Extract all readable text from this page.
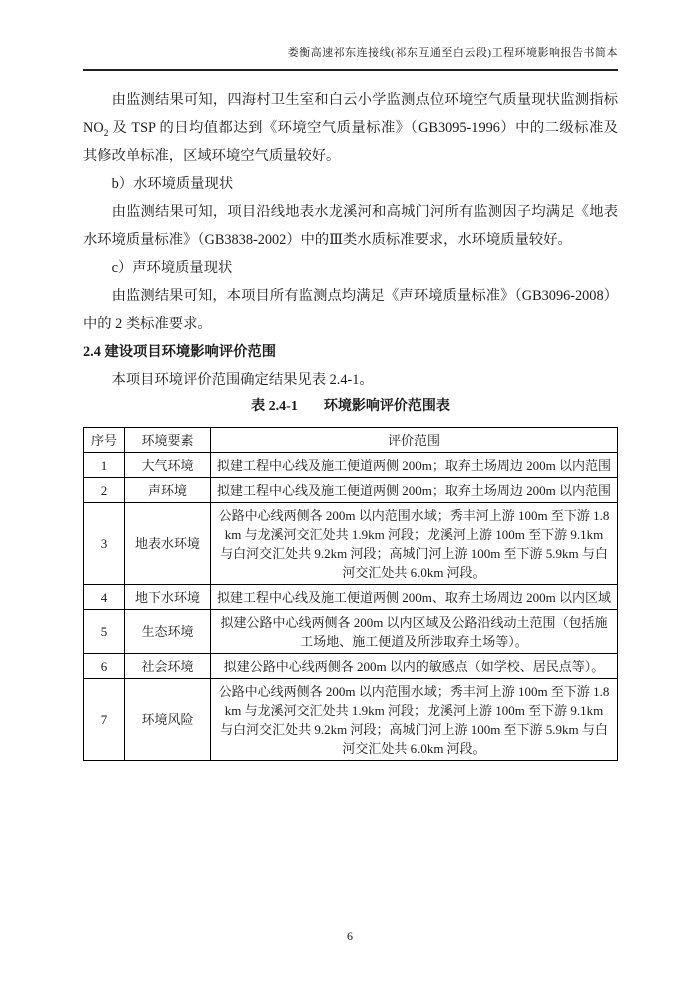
娄衡高速祁东连接线(祁东互通至白云段)工程环境影响报告书简本

由监测结果可知，四海村卫生室和白云小学监测点位环境空气质量现状监测指标$NO_2$ 及 TSP 的日均值都达到《环境空气质量标准》（GB3095-1996）中的二级标准及其修改单标准，区域环境空气质量较好。

b）水环境质量现状

由监测结果可知，项目沿线地表水龙溪河和高城门河所有监测因子均满足《地表水环境质量标准》（GB3838-2002）中的Ⅲ类水质标准要求，水环境质量较好。

c）声环境质量现状

由监测结果可知，本项目所有监测点均满足《声环境质量标准》（GB3096-2008）中的 2 类标准要求。

2.4 建设项目环境影响评价范围

本项目环境评价范围确定结果见表 2.4-1。

表 2.4-1 环境影响评价范围表

序号	环境要素	评价范围
1	大气环境	拟建工程中心线及施工便道两侧 200m；取弃土场周边 200m 以内范围
2	声环境	拟建工程中心线及施工便道两侧 200m；取弃土场周边 200m 以内范围
3	地表水环境	公路中心线两侧各 200m 以内范围水域；秀丰河上游 100m 至下游 1.8km 与龙溪河交汇处共 1.9km 河段；龙溪河上游 100m 至下游 9.1km 与白河交汇处共 9.2km 河段；高城门河上游 100m 至下游 5.9km 与白河交汇处共 6.0km 河段。
4	地下水环境	拟建工程中心线及施工便道两侧 200m、取弃土场周边 200m 以内区域
5	生态环境	拟建公路中心线两侧各 200m 以内区域及公路沿线动土范围（包括施工场地、施工便道及所涉取弃土场等）。
6	社会环境	拟建公路中心线两侧各 200m 以内的敏感点（如学校、居民点等）。
7	环境风险	公路中心线两侧各 200m 以内范围水域；秀丰河上游 100m 至下游 1.8km 与龙溪河交汇处共 1.9km 河段；龙溪河上游 100m 至下游 9.1km 与白河交汇处共 9.2km 河段；高城门河上游 100m 至下游 5.9km 与白河交汇处共 6.0km 河段。
6
